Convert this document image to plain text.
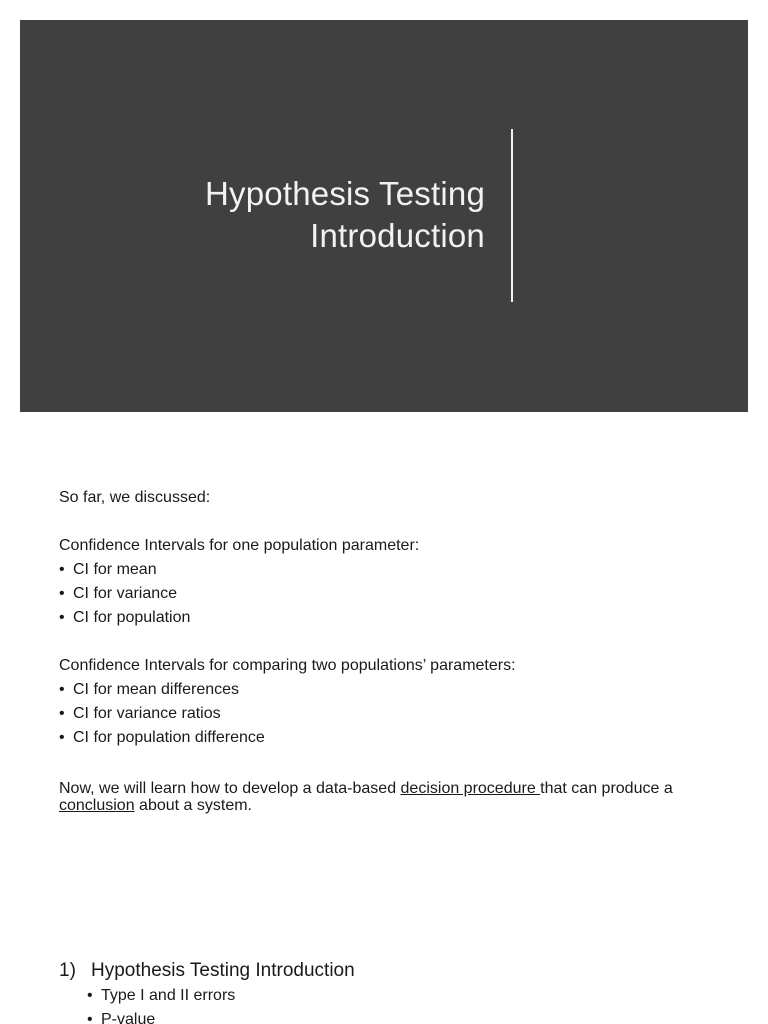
Hypothesis Testing
Introduction

So far, we discussed:

Confidence Intervals for one population parameter:

• CI for mean
• CI for variance
• CI for population

Confidence Intervals for comparing two populations’ parameters:

• CI for mean differences
• CI for variance ratios
• CI for population difference

Now, we will learn how to develop a data-based decision procedure that can produce a conclusion about a system.

1) Hypothesis Testing Introduction
• Type I and II errors
• P-value
